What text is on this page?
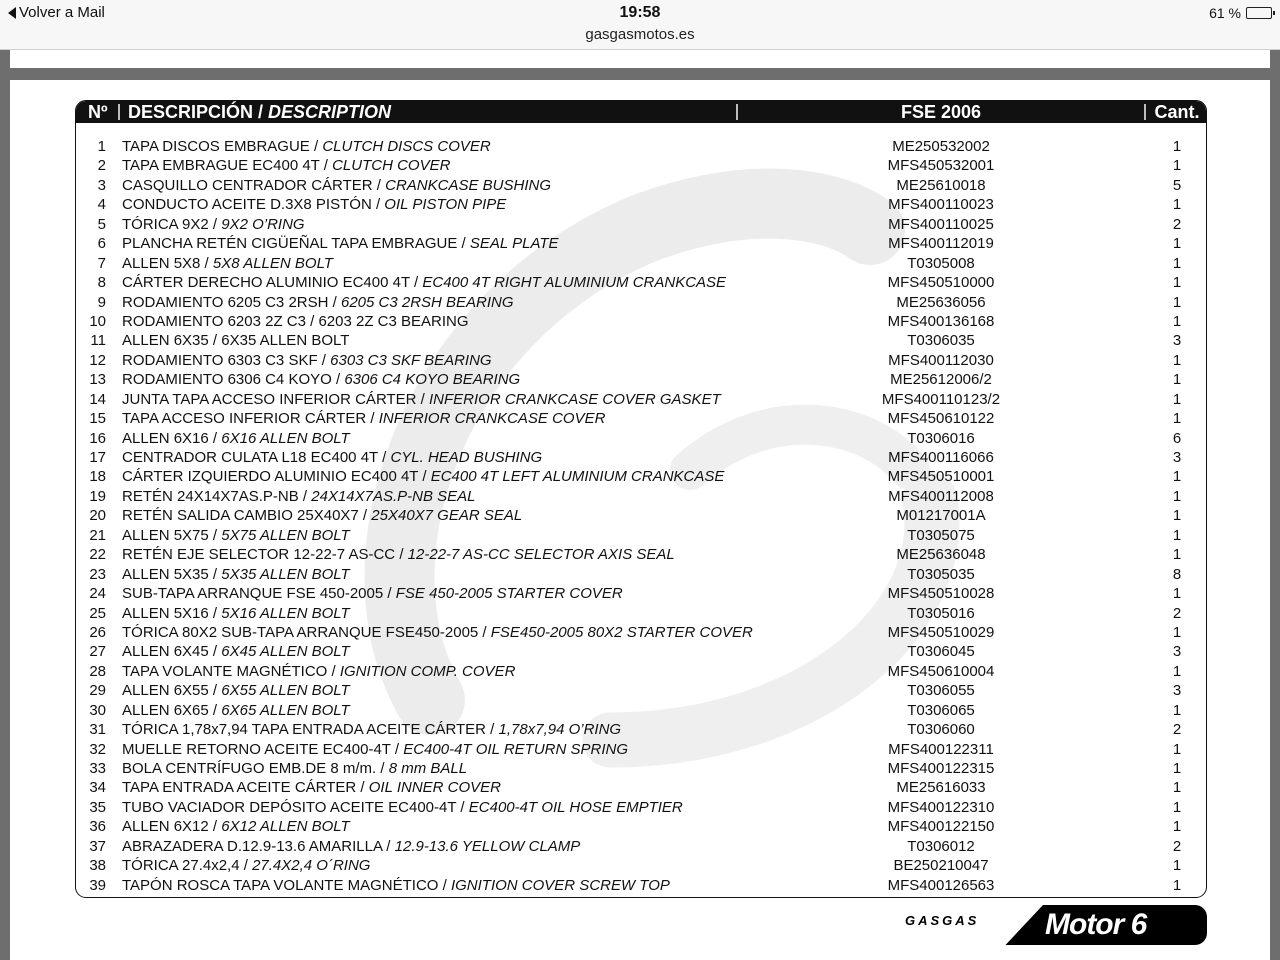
Volver a Mail	19:58
gasgasmotos.es
61 %
Nº	DESCRIPCIÓN / DESCRIPTION	FSE 2006	Cant.
1 TAPA DISCOS EMBRAGUE / CLUTCH DISCS COVER	ME250532002	1
2 TAPA EMBRAGUE EC400 4T / CLUTCH COVER	MFS450532001	1
3 CASQUILLO CENTRADOR CÁRTER / CRANKCASE BUSHING	ME25610018	5
4 CONDUCTO ACEITE D.3X8 PISTÓN / OIL PISTON PIPE	MFS400110023	1
5 TÓRICA 9X2 / 9X2 O’RING	MFS400110025	2
6 PLANCHA RETÉN CIGÜEÑAL TAPA EMBRAGUE / SEAL PLATE	MFS400112019	1
7 ALLEN 5X8 / 5X8 ALLEN BOLT	T0305008	1
8 CÁRTER DERECHO ALUMINIO EC400 4T / EC400 4T RIGHT ALUMINIUM CRANKCASE	MFS450510000	1
9 RODAMIENTO 6205 C3 2RSH / 6205 C3 2RSH BEARING	ME25636056	1
10 RODAMIENTO 6203 2Z C3 / 6203 2Z C3 BEARING	MFS400136168	1
11 ALLEN 6X35 / 6X35 ALLEN BOLT	T0306035	3
12 RODAMIENTO 6303 C3 SKF / 6303 C3 SKF BEARING	MFS400112030	1
13 RODAMIENTO 6306 C4 KOYO / 6306 C4 KOYO BEARING	ME25612006/2	1
14 JUNTA TAPA ACCESO INFERIOR CÁRTER / INFERIOR CRANKCASE COVER GASKET	MFS400110123/2	1
15 TAPA ACCESO INFERIOR CÁRTER / INFERIOR CRANKCASE COVER	MFS450610122	1
16 ALLEN 6X16 / 6X16 ALLEN BOLT	T0306016	6
17 CENTRADOR CULATA L18 EC400 4T / CYL. HEAD BUSHING	MFS400116066	3
18 CÁRTER IZQUIERDO ALUMINIO EC400 4T / EC400 4T LEFT ALUMINIUM CRANKCASE	MFS450510001	1
19 RETÉN 24X14X7AS.P-NB / 24X14X7AS.P-NB SEAL	MFS400112008	1
20 RETÉN SALIDA CAMBIO 25X40X7 / 25X40X7 GEAR SEAL	M01217001A	1
21 ALLEN 5X75 / 5X75 ALLEN BOLT	T0305075	1
22 RETÉN EJE SELECTOR 12-22-7 AS-CC / 12-22-7 AS-CC SELECTOR AXIS SEAL	ME25636048	1
23 ALLEN 5X35 / 5X35 ALLEN BOLT	T0305035	8
24 SUB-TAPA ARRANQUE FSE 450-2005 / FSE 450-2005 STARTER COVER	MFS450510028	1
25 ALLEN 5X16 / 5X16 ALLEN BOLT	T0305016	2
26 TÓRICA 80X2 SUB-TAPA ARRANQUE FSE450-2005 / FSE450-2005 80X2 STARTER COVER	MFS450510029	1
27 ALLEN 6X45 / 6X45 ALLEN BOLT	T0306045	3
28 TAPA VOLANTE MAGNÉTICO / IGNITION COMP. COVER	MFS450610004	1
29 ALLEN 6X55 / 6X55 ALLEN BOLT	T0306055	3
30 ALLEN 6X65 / 6X65 ALLEN BOLT	T0306065	1
31 TÓRICA 1,78x7,94 TAPA ENTRADA ACEITE CÁRTER / 1,78x7,94 O’RING	T0306060	2
32 MUELLE RETORNO ACEITE EC400-4T / EC400-4T OIL RETURN SPRING	MFS400122311	1
33 BOLA CENTRÍFUGO EMB.DE 8 m/m. / 8 mm BALL	MFS400122315	1
34 TAPA ENTRADA ACEITE CÁRTER / OIL INNER COVER	ME25616033	1
35 TUBO VACIADOR DEPÓSITO ACEITE EC400-4T / EC400-4T OIL HOSE EMPTIER	MFS400122310	1
36 ALLEN 6X12 / 6X12 ALLEN BOLT	MFS400122150	1
37 ABRAZADERA D.12.9-13.6 AMARILLA / 12.9-13.6 YELLOW CLAMP	T0306012	2
38 TÓRICA 27.4x2,4 / 27.4X2,4 O´RING	BE250210047	1
39 TAPÓN ROSCA TAPA VOLANTE MAGNÉTICO / IGNITION COVER SCREW TOP	MFS400126563	1
GASGAS Motor 6
